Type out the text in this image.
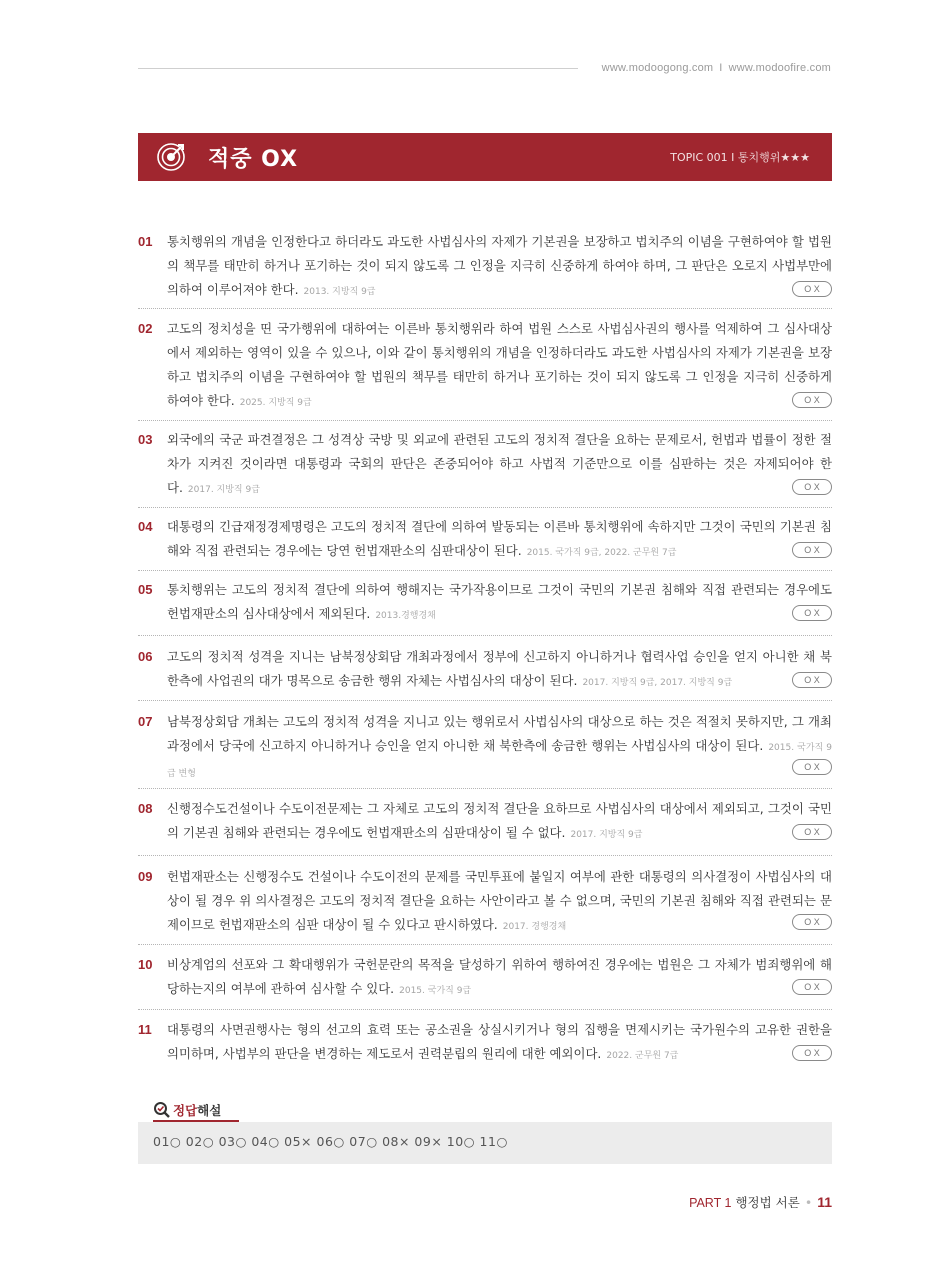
www.modoogong.com I www.modoofire.com
적중 OX	TOPIC 001 I 통치행위★★★
01 통치행위의 개념을 인정한다고 하더라도 과도한 사법심사의 자제가 기본권을 보장하고 법치주의 이념을 구현하여야 할 법원의 책무를 태만히 하거나 포기하는 것이 되지 않도록 그 인정을 지극히 신중하게 하여야 하며, 그 판단은 오로지 사법부만에 의하여 이루어져야 한다. 2013. 지방직 9급	O X
02 고도의 정치성을 띤 국가행위에 대하여는 이른바 통치행위라 하여 법원 스스로 사법심사권의 행사를 억제하여 그 심사대상에서 제외하는 영역이 있을 수 있으나, 이와 같이 통치행위의 개념을 인정하더라도 과도한 사법심사의 자제가 기본권을 보장하고 법치주의 이념을 구현하여야 할 법원의 책무를 태만히 하거나 포기하는 것이 되지 않도록 그 인정을 지극히 신중하게 하여야 한다. 2025. 지방직 9급	O X
03 외국에의 국군 파견결정은 그 성격상 국방 및 외교에 관련된 고도의 정치적 결단을 요하는 문제로서, 헌법과 법률이 정한 절차가 지켜진 것이라면 대통령과 국회의 판단은 존중되어야 하고 사법적 기준만으로 이를 심판하는 것은 자제되어야 한다. 2017. 지방직 9급	O X
04 대통령의 긴급재정경제명령은 고도의 정치적 결단에 의하여 발동되는 이른바 통치행위에 속하지만 그것이 국민의 기본권 침해와 직접 관련되는 경우에는 당연 헌법재판소의 심판대상이 된다. 2015. 국가직 9급, 2022. 군무원 7급	O X
05 통치행위는 고도의 정치적 결단에 의하여 행해지는 국가작용이므로 그것이 국민의 기본권 침해와 직접 관련되는 경우에도 헌법재판소의 심사대상에서 제외된다. 2013.경행경채	O X
06 고도의 정치적 성격을 지니는 남북정상회담 개최과정에서 정부에 신고하지 아니하거나 협력사업 승인을 얻지 아니한 채 북한측에 사업권의 대가 명목으로 송금한 행위 자체는 사법심사의 대상이 된다. 2017. 지방직 9급, 2017. 지방직 9급	O X
07 남북정상회담 개최는 고도의 정치적 성격을 지니고 있는 행위로서 사법심사의 대상으로 하는 것은 적절치 못하지만, 그 개최과정에서 당국에 신고하지 아니하거나 승인을 얻지 아니한 채 북한측에 송금한 행위는 사법심사의 대상이 된다. 2015. 국가직 9급 변형
O X
08 신행정수도건설이나 수도이전문제는 그 자체로 고도의 정치적 결단을 요하므로 사법심사의 대상에서 제외되고, 그것이 국민의 기본권 침해와 관련되는 경우에도 헌법재판소의 심판대상이 될 수 없다. 2017. 지방직 9급	O X
09 헌법재판소는 신행정수도 건설이나 수도이전의 문제를 국민투표에 붙일지 여부에 관한 대통령의 의사결정이 사법심사의 대상이 될 경우 위 의사결정은 고도의 정치적 결단을 요하는 사안이라고 볼 수 없으며, 국민의 기본권 침해와 직접 관련되는 문제이므로 헌법재판소의 심판 대상이 될 수 있다고 판시하였다. 2017. 경행경채	O X
10 비상계엄의 선포와 그 확대행위가 국헌문란의 목적을 달성하기 위하여 행하여진 경우에는 법원은 그 자체가 범죄행위에 해당하는지의 여부에 관하여 심사할 수 있다. 2015. 국가직 9급	O X
11 대통령의 사면권행사는 형의 선고의 효력 또는 공소권을 상실시키거나 형의 집행을 면제시키는 국가원수의 고유한 권한을 의미하며, 사법부의 판단을 변경하는 제도로서 권력분립의 원리에 대한 예외이다. 2022. 군무원 7급	O X
정답해설
01○ 02○ 03○ 04○ 05× 06○ 07○ 08× 09× 10○ 11○
PART 1 행정법 서론 • 11
